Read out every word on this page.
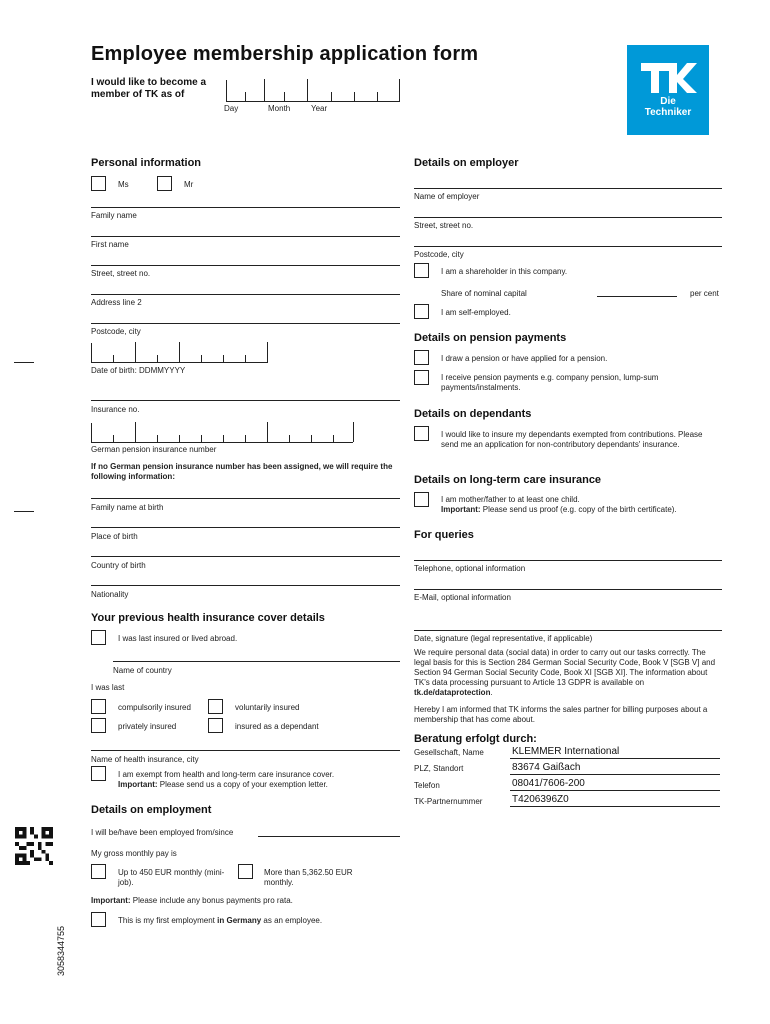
Employee membership application form
I would like to become a member of TK as of
Day	Month	Year
Die
Techniker
Personal information
Ms	Mr
Family name
First name
Street, street no.
Address line 2
Postcode, city
Date of birth: DDMMYYYY
Insurance no.
German pension insurance number
If no German pension insurance number has been assigned, we will require the following information:
Family name at birth
Place of birth
Country of birth
Nationality
Your previous health insurance cover details
I was last insured or lived abroad.
Name of country
I was last
compulsorily insured	voluntarily insured
privately insured	insured as a dependant
Name of health insurance, city
I am exempt from health and long-term care insurance cover.
Important: Please send us a copy of your exemption letter.
Details on employment
I will be/have been employed from/since
My gross monthly pay is
Up to 450 EUR monthly (mini-job).
More than 5,362.50 EUR monthly.
Important: Please include any bonus payments pro rata.
This is my first employment in Germany as an employee.
Details on employer
Name of employer
Street, street no.
Postcode, city
I am a shareholder in this company.
Share of nominal capital	per cent
I am self-employed.
Details on pension payments
I draw a pension or have applied for a pension.
I receive pension payments e.g. company pension, lump-sum payments/instalments.
Details on dependants
I would like to insure my dependants exempted from contributions. Please send me an application for non-contributory dependants' insurance.
Details on long-term care insurance
I am mother/father to at least one child.
Important: Please send us proof (e.g. copy of the birth certificate).
For queries
Telephone, optional information
E-Mail, optional information
Date, signature (legal representative, if applicable)
We require personal data (social data) in order to carry out our tasks correctly. The legal basis for this is Section 284 German Social Security Code, Book V [SGB V] and Section 94 German Social Security Code, Book XI [SGB XI]. The information about TK's data processing pursuant to Article 13 GDPR is available on tk.de/dataprotection.
Hereby I am informed that TK informs the sales partner for billing purposes about a membership that has come about.
Beratung erfolgt durch:
Gesellschaft, Name	KLEMMER International
PLZ, Standort	83674 Gaißach
Telefon	08041/7606-200
TK-Partnernummer	T4206396Z0
3058344755
